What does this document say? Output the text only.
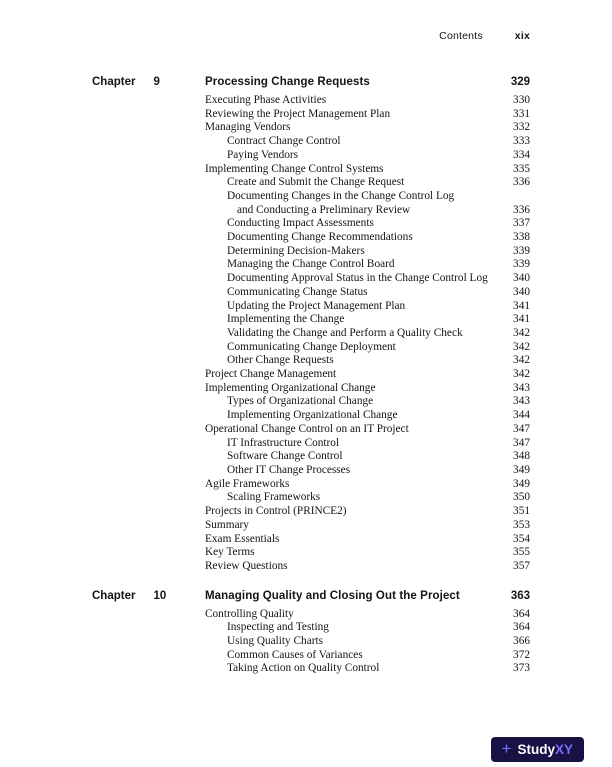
Contents	xix
Chapter 9	Processing Change Requests	329
Executing Phase Activities	330
Reviewing the Project Management Plan	331
Managing Vendors	332
Contract Change Control	333
Paying Vendors	334
Implementing Change Control Systems	335
Create and Submit the Change Request	336
Documenting Changes in the Change Control Log
and Conducting a Preliminary Review	336
Conducting Impact Assessments	337
Documenting Change Recommendations	338
Determining Decision-Makers	339
Managing the Change Control Board	339
Documenting Approval Status in the Change Control Log	340
Communicating Change Status	340
Updating the Project Management Plan	341
Implementing the Change	341
Validating the Change and Perform a Quality Check	342
Communicating Change Deployment	342
Other Change Requests	342
Project Change Management	342
Implementing Organizational Change	343
Types of Organizational Change	343
Implementing Organizational Change	344
Operational Change Control on an IT Project	347
IT Infrastructure Control	347
Software Change Control	348
Other IT Change Processes	349
Agile Frameworks	349
Scaling Frameworks	350
Projects in Control (PRINCE2)	351
Summary	353
Exam Essentials	354
Key Terms	355
Review Questions	357
Chapter 10	Managing Quality and Closing Out the Project	363
Controlling Quality	364
Inspecting and Testing	364
Using Quality Charts	366
Common Causes of Variances	372
Taking Action on Quality Control	373
+ StudyXY
